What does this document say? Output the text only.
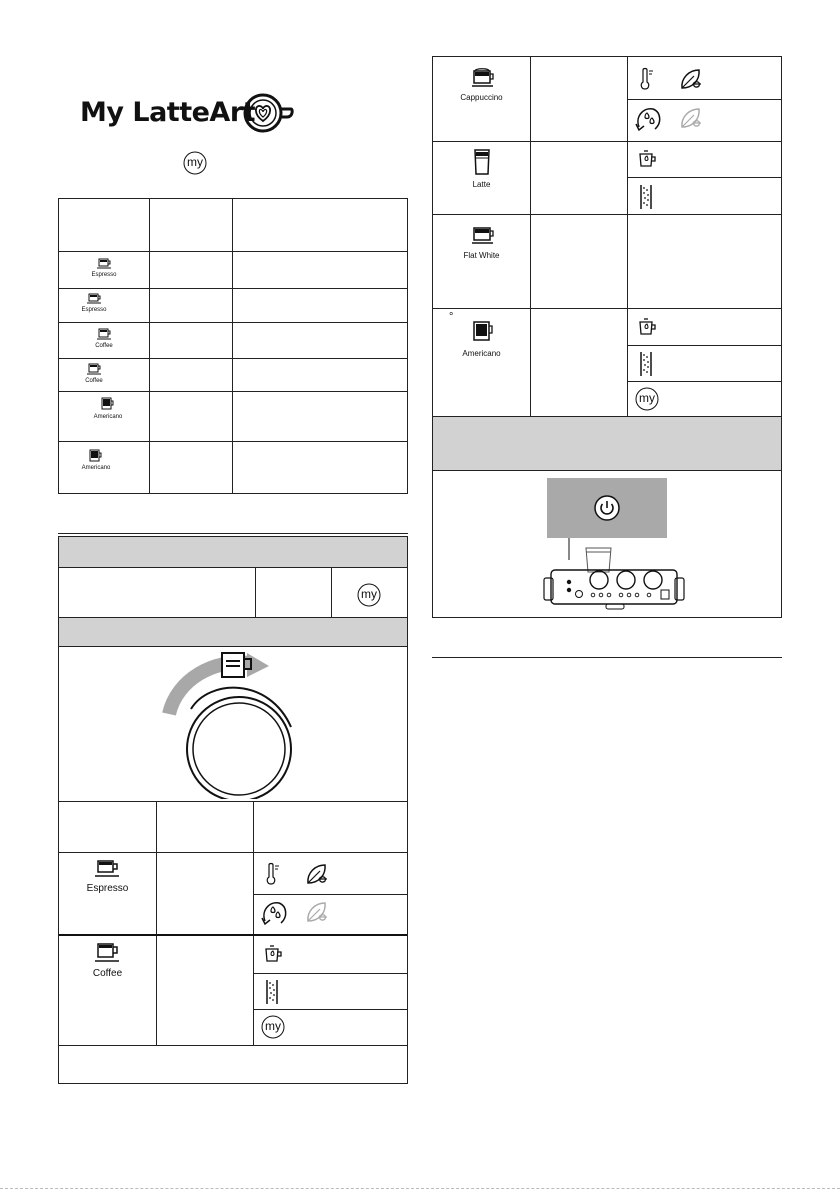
My LatteArt
my
Espresso
Espresso
Coffee
Coffee
Americano
Americano
my
Espresso
Coffee
my
Cappuccino
Latte
Flat White
°
Americano
my
